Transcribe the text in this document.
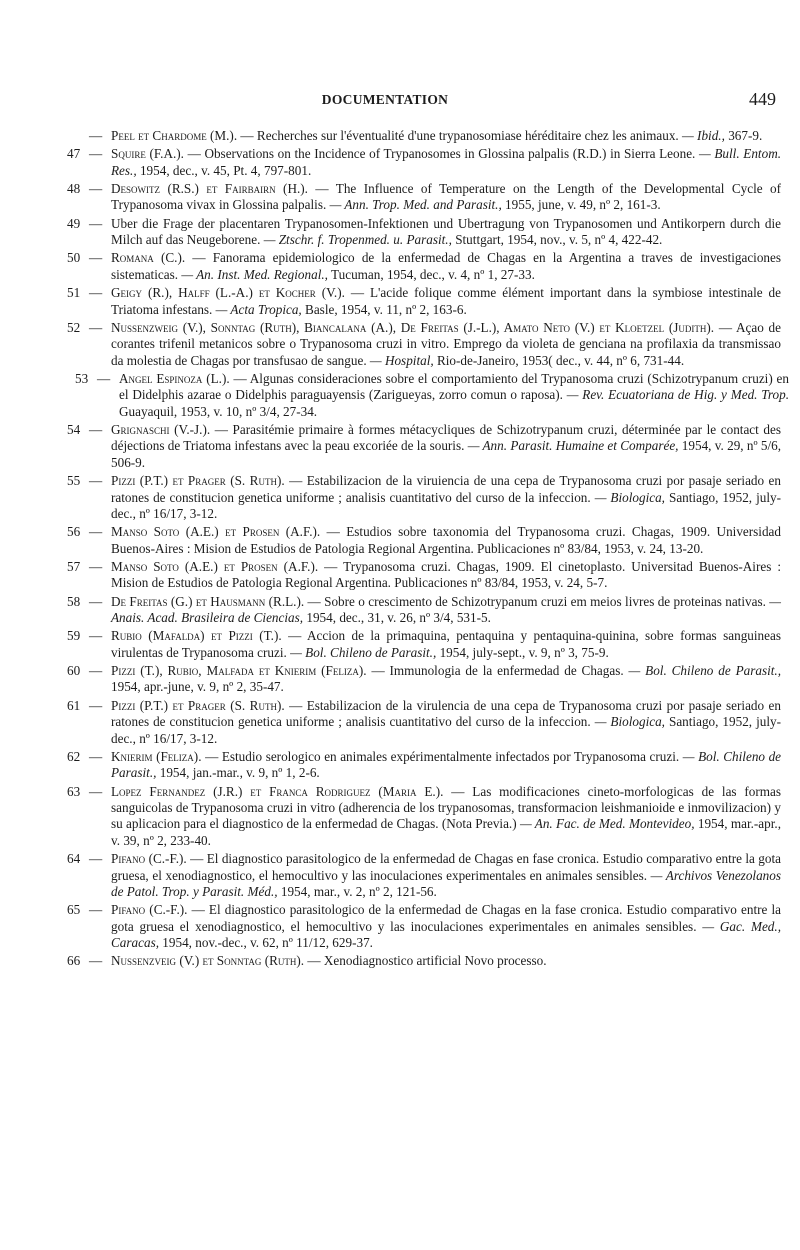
DOCUMENTATION	449
— Peel et Chardome (M.). — Recherches sur l'éventualité d'une trypanosomiase héréditaire chez les animaux. — Ibid., 367-9.
47 — Squire (F.A.). — Observations on the Incidence of Trypanosomes in Glossina palpalis (R.D.) in Sierra Leone. — Bull. Entom. Res., 1954, dec., v. 45, Pt. 4, 797-801.
48 — Desowitz (R.S.) et Fairbairn (H.). — The Influence of Temperature on the Length of the Developmental Cycle of Trypanosoma vivax in Glossina palpalis. — Ann. Trop. Med. and Parasit., 1955, june, v. 49, nº 2, 161-3.
49 — Uber die Frage der placentaren Trypanosomen-Infektionen und Ubertragung von Trypanosomen und Antikorpern durch die Milch auf das Neugeborene. — Ztschr. f. Tropenmed. u. Parasit., Stuttgart, 1954, nov., v. 5, nº 4, 422-42.
50 — Romana (C.). — Fanorama epidemiologico de la enfermedad de Chagas en la Argentina a traves de investigaciones sistematicas. — An. Inst. Med. Regional., Tucuman, 1954, dec., v. 4, nº 1, 27-33.
51 — Geigy (R.), Halff (L.-A.) et Kocher (V.). — L'acide folique comme élément important dans la symbiose intestinale de Triatoma infestans. — Acta Tropica, Basle, 1954, v. 11, nº 2, 163-6.
52 — Nussenzweig (V.), Sonntag (Ruth), Biancalana (A.), De Freitas (J.-L.), Amato Neto (V.) et Kloetzel (Judith). — Açao de corantes trifenil metanicos sobre o Trypanosoma cruzi in vitro. Emprego da violeta de genciana na profilaxia da transmissao da molestia de Chagas por transfusao de sangue. — Hospital, Rio-de-Janeiro, 1953( dec., v. 44, nº 6, 731-44.
53 — Angel Espinoza (L.). — Algunas consideraciones sobre el comportamiento del Trypanosoma cruzi (Schizotrypanum cruzi) en el Didelphis azarae o Didelphis paraguayensis (Zarigueyas, zorro comun o raposa). — Rev. Ecuatoriana de Hig. y Med. Trop. Guayaquil, 1953, v. 10, nº 3/4, 27-34.
54 — Grignaschi (V.-J.). — Parasitémie primaire à formes métacycliques de Schizotrypanum cruzi, déterminée par le contact des déjections de Triatoma infestans avec la peau excoriée de la souris. — Ann. Parasit. Humaine et Comparée, 1954, v. 29, nº 5/6, 506-9.
55 — Pizzi (P.T.) et Prager (S. Ruth). — Estabilizacion de la viruiencia de una cepa de Trypanosoma cruzi por pasaje seriado en ratones de constitucion genetica uniforme ; analisis cuantitativo del curso de la infeccion. — Biologica, Santiago, 1952, july-dec., nº 16/17, 3-12.
56 — Manso Soto (A.E.) et Prosen (A.F.). — Estudios sobre taxonomia del Trypanosoma cruzi. Chagas, 1909. Universidad Buenos-Aires : Mision de Estudios de Patologia Regional Argentina. Publicaciones nº 83/84, 1953, v. 24, 13-20.
57 — Manso Soto (A.E.) et Prosen (A.F.). — Trypanosoma cruzi. Chagas, 1909. El cinetoplasto. Universitad Buenos-Aires : Mision de Estudios de Patologia Regional Argentina. Publicaciones nº 83/84, 1953, v. 24, 5-7.
58 — De Freitas (G.) et Hausmann (R.L.). — Sobre o crescimento de Schizotrypanum cruzi em meios livres de proteinas nativas. — Anais. Acad. Brasileira de Ciencias, 1954, dec., 31, v. 26, nº 3/4, 531-5.
59 — Rubio (Mafalda) et Pizzi (T.). — Accion de la primaquina, pentaquina y pentaquina-quinina, sobre formas sanguineas virulentas de Trypanosoma cruzi. — Bol. Chileno de Parasit., 1954, july-sept., v. 9, nº 3, 75-9.
60 — Pizzi (T.), Rubio, Malfada et Knierim (Feliza). — Immunologia de la enfermedad de Chagas. — Bol. Chileno de Parasit., 1954, apr.-june, v. 9, nº 2, 35-47.
61 — Pizzi (P.T.) et Prager (S. Ruth). — Estabilizacion de la virulencia de una cepa de Trypanosoma cruzi por pasaje seriado en ratones de constitucion genetica uniforme ; analisis cuantitativo del curso de la infeccion. — Biologica, Santiago, 1952, july-dec., nº 16/17, 3-12.
62 — Knierim (Feliza). — Estudio serologico en animales expérimentalmente infectados por Trypanosoma cruzi. — Bol. Chileno de Parasit., 1954, jan.-mar., v. 9, nº 1, 2-6.
63 — Lopez Fernandez (J.R.) et Franca Rodriguez (Maria E.). — Las modificaciones cineto-morfologicas de las formas sanguicolas de Trypanosoma cruzi in vitro (adherencia de los trypanosomas, transformacion leishmanioide e inmovilizacion) y su aplicacion para el diagnostico de la enfermedad de Chagas. (Nota Previa.) — An. Fac. de Med. Montevideo, 1954, mar.-apr., v. 39, nº 2, 233-40.
64 — Pifano (C.-F.). — El diagnostico parasitologico de la enfermedad de Chagas en fase cronica. Estudio comparativo entre la gota gruesa, el xenodiagnostico, el hemocultivo y las inoculaciones experimentales en animales sensibles. — Archivos Venezolanos de Patol. Trop. y Parasit. Méd., 1954, mar., v. 2, nº 2, 121-56.
65 — Pifano (C.-F.). — El diagnostico parasitologico de la enfermedad de Chagas en la fase cronica. Estudio comparativo entre la gota gruesa el xenodiagnostico, el hemocultivo y las inoculaciones experimentales en animales sensibles. — Gac. Med., Caracas, 1954, nov.-dec., v. 62, nº 11/12, 629-37.
66 — Nussenzveig (V.) et Sonntag (Ruth). — Xenodiagnostico artificial Novo processo.
